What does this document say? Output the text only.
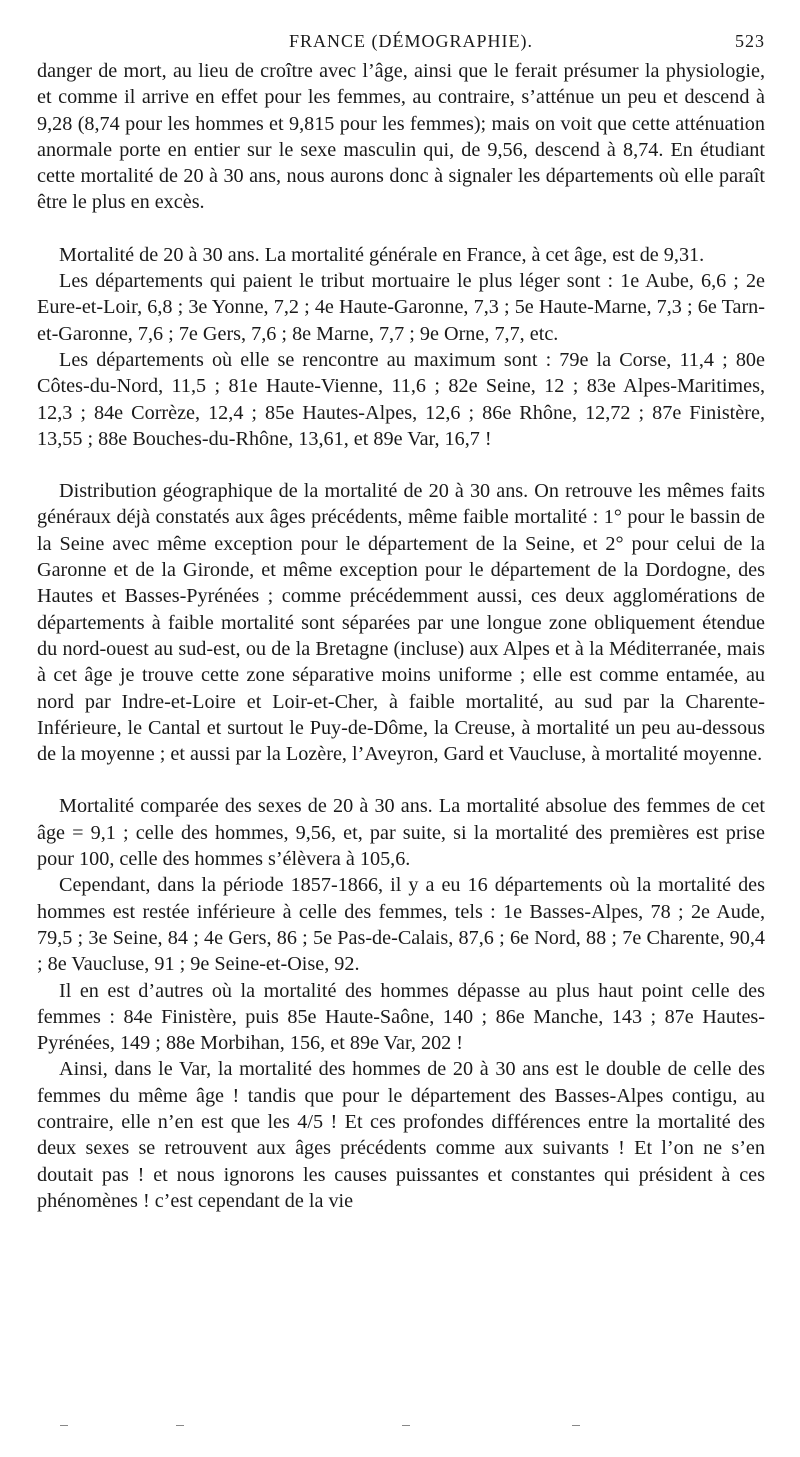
FRANCE (DÉMOGRAPHIE).	523

danger de mort, au lieu de croître avec l’âge, ainsi que le ferait présumer la physiologie, et comme il arrive en effet pour les femmes, au contraire, s’atténue un peu et descend à 9,28 (8,74 pour les hommes et 9,815 pour les femmes); mais on voit que cette atténuation anormale porte en entier sur le sexe masculin qui, de 9,56, descend à 8,74. En étudiant cette mortalité de 20 à 30 ans, nous aurons donc à signaler les départements où elle paraît être le plus en excès.

Mortalité de 20 à 30 ans. La mortalité générale en France, à cet âge, est de 9,31.

Les départements qui paient le tribut mortuaire le plus léger sont : 1e Aube, 6,6 ; 2e Eure-et-Loir, 6,8 ; 3e Yonne, 7,2 ; 4e Haute-Garonne, 7,3 ; 5e Haute-Marne, 7,3 ; 6e Tarn-et-Garonne, 7,6 ; 7e Gers, 7,6 ; 8e Marne, 7,7 ; 9e Orne, 7,7, etc.

Les départements où elle se rencontre au maximum sont : 79e la Corse, 11,4 ; 80e Côtes-du-Nord, 11,5 ; 81e Haute-Vienne, 11,6 ; 82e Seine, 12 ; 83e Alpes-Maritimes, 12,3 ; 84e Corrèze, 12,4 ; 85e Hautes-Alpes, 12,6 ; 86e Rhône, 12,72 ; 87e Finistère, 13,55 ; 88e Bouches-du-Rhône, 13,61, et 89e Var, 16,7 !

Distribution géographique de la mortalité de 20 à 30 ans. On retrouve les mêmes faits généraux déjà constatés aux âges précédents, même faible mortalité : 1° pour le bassin de la Seine avec même exception pour le département de la Seine, et 2° pour celui de la Garonne et de la Gironde, et même exception pour le département de la Dordogne, des Hautes et Basses-Pyrénées ; comme précédemment aussi, ces deux agglomérations de départements à faible mortalité sont séparées par une longue zone obliquement étendue du nord-ouest au sud-est, ou de la Bretagne (incluse) aux Alpes et à la Méditerranée, mais à cet âge je trouve cette zone séparative moins uniforme ; elle est comme entamée, au nord par Indre-et-Loire et Loir-et-Cher, à faible mortalité, au sud par la Charente-Inférieure, le Cantal et surtout le Puy-de-Dôme, la Creuse, à mortalité un peu au-dessous de la moyenne ; et aussi par la Lozère, l’Aveyron, Gard et Vaucluse, à mortalité moyenne.

Mortalité comparée des sexes de 20 à 30 ans. La mortalité absolue des femmes de cet âge = 9,1 ; celle des hommes, 9,56, et, par suite, si la mortalité des premières est prise pour 100, celle des hommes s’élèvera à 105,6.

Cependant, dans la période 1857-1866, il y a eu 16 départements où la mortalité des hommes est restée inférieure à celle des femmes, tels : 1e Basses-Alpes, 78 ; 2e Aude, 79,5 ; 3e Seine, 84 ; 4e Gers, 86 ; 5e Pas-de-Calais, 87,6 ; 6e Nord, 88 ; 7e Charente, 90,4 ; 8e Vaucluse, 91 ; 9e Seine-et-Oise, 92.

Il en est d’autres où la mortalité des hommes dépasse au plus haut point celle des femmes : 84e Finistère, puis 85e Haute-Saône, 140 ; 86e Manche, 143 ; 87e Hautes-Pyrénées, 149 ; 88e Morbihan, 156, et 89e Var, 202 !

Ainsi, dans le Var, la mortalité des hommes de 20 à 30 ans est le double de celle des femmes du même âge ! tandis que pour le département des Basses-Alpes contigu, au contraire, elle n’en est que les 4/5 ! Et ces profondes différences entre la mortalité des deux sexes se retrouvent aux âges précédents comme aux suivants ! Et l’on ne s’en doutait pas ! et nous ignorons les causes puissantes et constantes qui président à ces phénomènes ! c’est cependant de la vie
